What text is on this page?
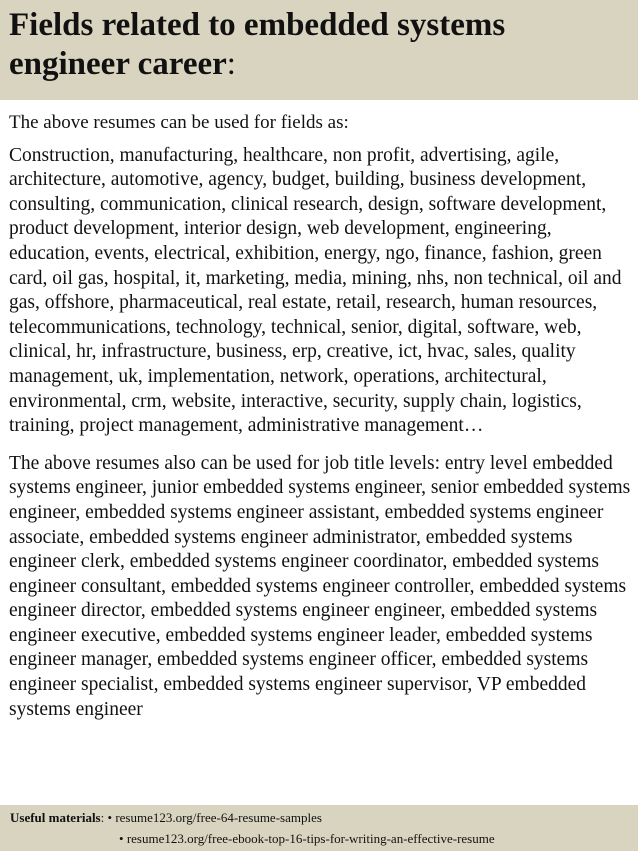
Fields related to embedded systems
engineer career:

The above resumes can be used for fields as:

Construction, manufacturing, healthcare, non profit, advertising, agile, architecture, automotive, agency, budget, building, business development, consulting, communication, clinical research, design, software development, product development, interior design, web development, engineering, education, events, electrical, exhibition, energy, ngo, finance, fashion, green card, oil gas, hospital, it, marketing, media, mining, nhs, non technical, oil and gas, offshore, pharmaceutical, real estate, retail, research, human resources, telecommunications, technology, technical, senior, digital, software, web, clinical, hr, infrastructure, business, erp, creative, ict, hvac, sales, quality management, uk, implementation, network, operations, architectural, environmental, crm, website, interactive, security, supply chain, logistics, training, project management, administrative management…

The above resumes also can be used for job title levels: entry level embedded systems engineer, junior embedded systems engineer, senior embedded systems engineer, embedded systems engineer assistant, embedded systems engineer associate, embedded systems engineer administrator, embedded systems engineer clerk, embedded systems engineer coordinator, embedded systems engineer consultant, embedded systems engineer controller, embedded systems engineer director, embedded systems engineer engineer, embedded systems engineer executive, embedded systems engineer leader, embedded systems engineer manager, embedded systems engineer officer, embedded systems engineer specialist, embedded systems engineer supervisor, VP embedded systems engineer

Useful materials: • resume123.org/free-64-resume-samples
• resume123.org/free-ebook-top-16-tips-for-writing-an-effective-resume
